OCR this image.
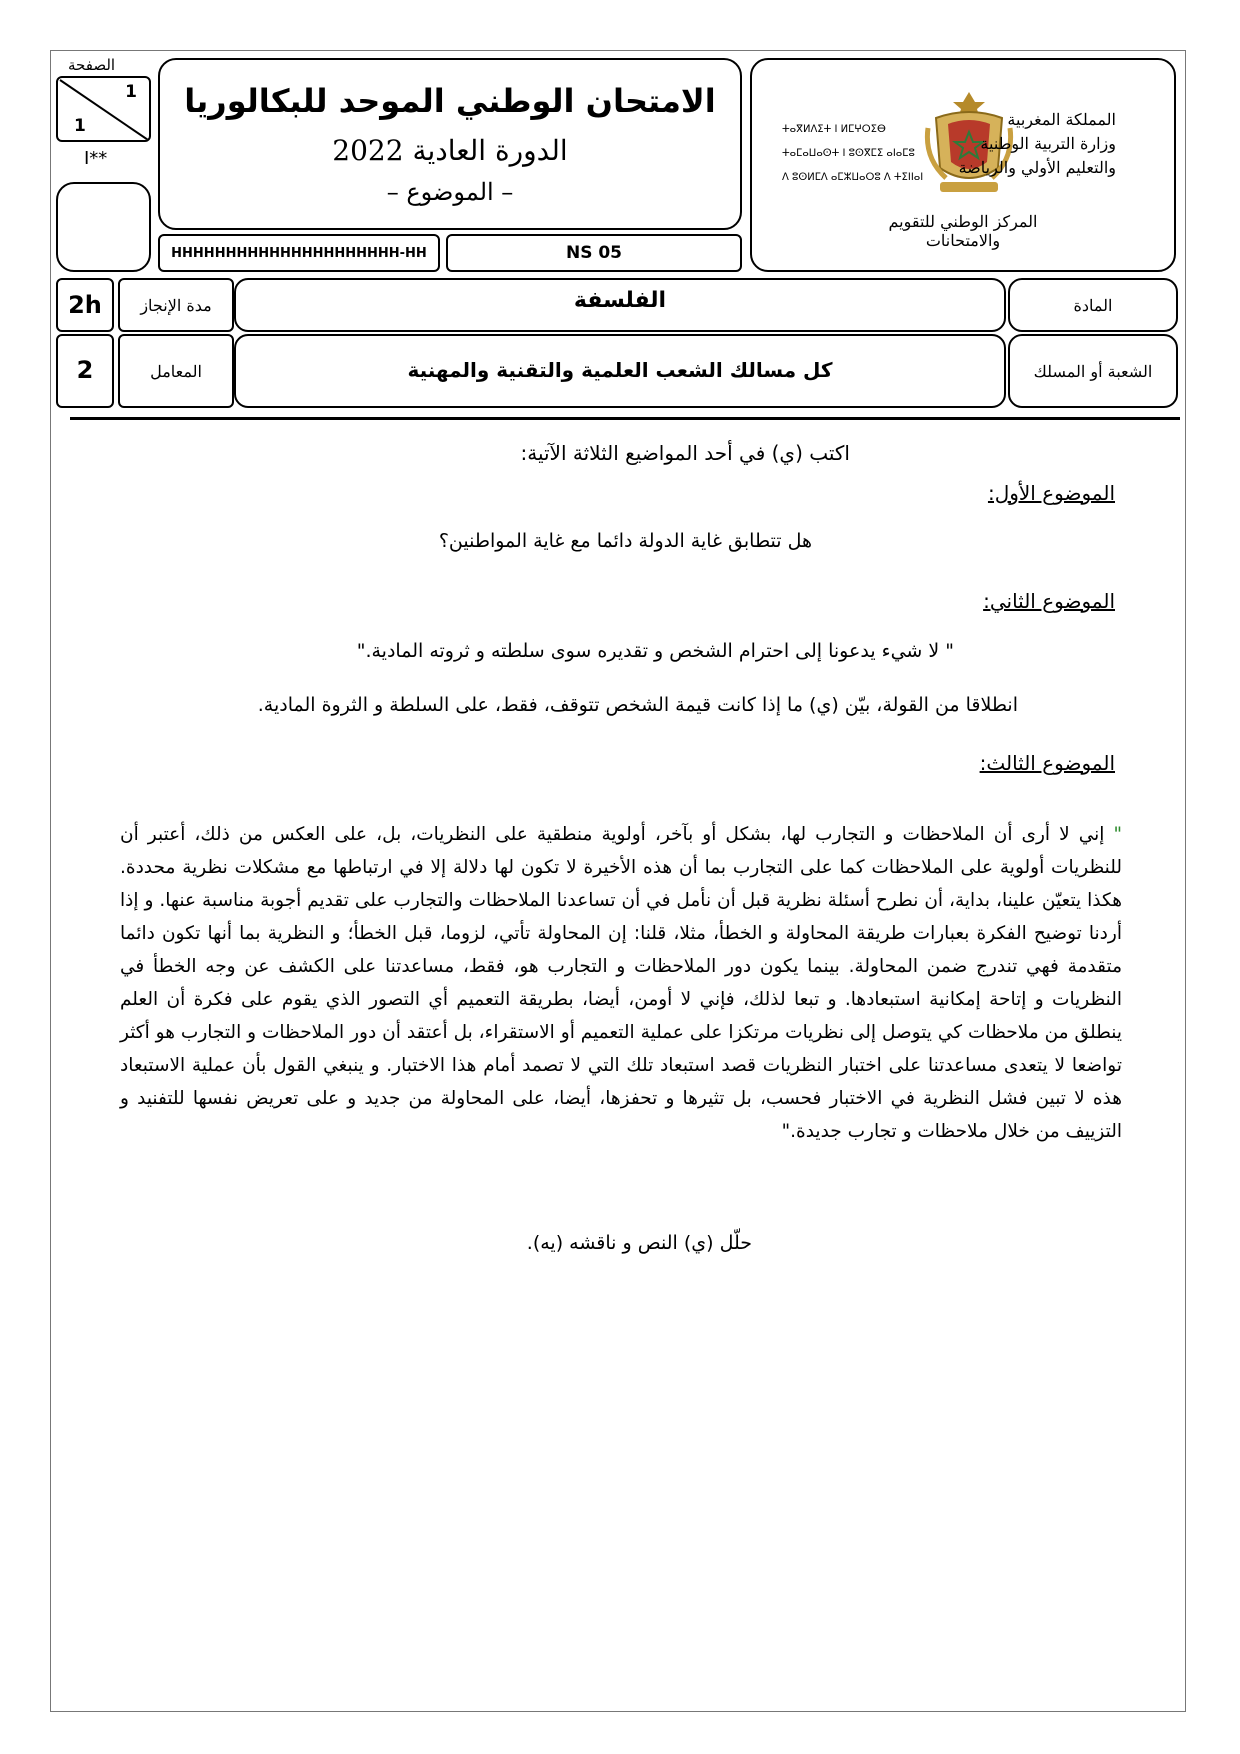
الصفحة
1
1
I**
الامتحان الوطني الموحد للبكالوريا
الدورة العادية 2022
– الموضوع –
HHHHHHHHHHHHHHHHHHHHH-HH	NS 05
ⵜⴰⴳⵍⴷⵉⵜ ⵏ ⵍⵎⵖⵔⵉⴱ
ⵜⴰⵎⴰⵡⴰⵙⵜ ⵏ ⵓⵙⴳⵎⵉ ⴰⵏⴰⵎⵓ
ⴷ ⵓⵙⵍⵎⴷ ⴰⵎⵣⵡⴰⵔⵓ ⴷ ⵜⵉⵏⵏⴰⵏ
المملكة المغربية
وزارة التربية الوطنية
والتعليم الأولي والرياضة
المركز الوطني للتقويم والامتحانات
2h	مدة الإنجاز	الفلسفة	المادة
2	المعامل	كل مسالك الشعب العلمية والتقنية والمهنية	الشعبة أو المسلك
اكتب (ي) في أحد المواضيع الثلاثة الآتية:
الموضوع الأول:
هل تتطابق غاية الدولة دائما مع غاية المواطنين؟
الموضوع الثاني:
" لا شيء يدعونا إلى احترام الشخص و تقديره سوى سلطته و ثروته المادية."
انطلاقا من القولة، بيّن (ي) ما إذا كانت قيمة الشخص تتوقف، فقط، على السلطة و الثروة المادية.
الموضوع الثالث:
" إني لا أرى أن الملاحظات و التجارب لها، بشكل أو بآخر، أولوية منطقية على النظريات، بل، على العكس من ذلك، أعتبر أن للنظريات أولوية على الملاحظات كما على التجارب بما أن هذه الأخيرة لا تكون لها دلالة إلا في ارتباطها مع مشكلات نظرية محددة. هكذا يتعيّن علينا، بداية، أن نطرح أسئلة نظرية قبل أن نأمل في أن تساعدنا الملاحظات والتجارب على تقديم أجوبة مناسبة عنها. و إذا أردنا توضيح الفكرة بعبارات طريقة المحاولة و الخطأ، مثلا، قلنا: إن المحاولة تأتي، لزوما، قبل الخطأ؛ و النظرية بما أنها تكون دائما متقدمة فهي تندرج ضمن المحاولة. بينما يكون دور الملاحظات و التجارب هو، فقط، مساعدتنا على الكشف عن وجه الخطأ في النظريات و إتاحة إمكانية استبعادها. و تبعا لذلك، فإني لا أومن، أيضا، بطريقة التعميم أي التصور الذي يقوم على فكرة أن العلم ينطلق من ملاحظات كي يتوصل إلى نظريات مرتكزا على عملية التعميم أو الاستقراء، بل أعتقد أن دور الملاحظات و التجارب هو أكثر تواضعا لا يتعدى مساعدتنا على اختبار النظريات قصد استبعاد تلك التي لا تصمد أمام هذا الاختبار. و ينبغي القول بأن عملية الاستبعاد هذه لا تبين فشل النظرية في الاختبار فحسب، بل تثيرها و تحفزها، أيضا، على المحاولة من جديد و على تعريض نفسها للتفنيد و التزييف من خلال ملاحظات و تجارب جديدة."
حلّل (ي) النص و ناقشه (يه).
